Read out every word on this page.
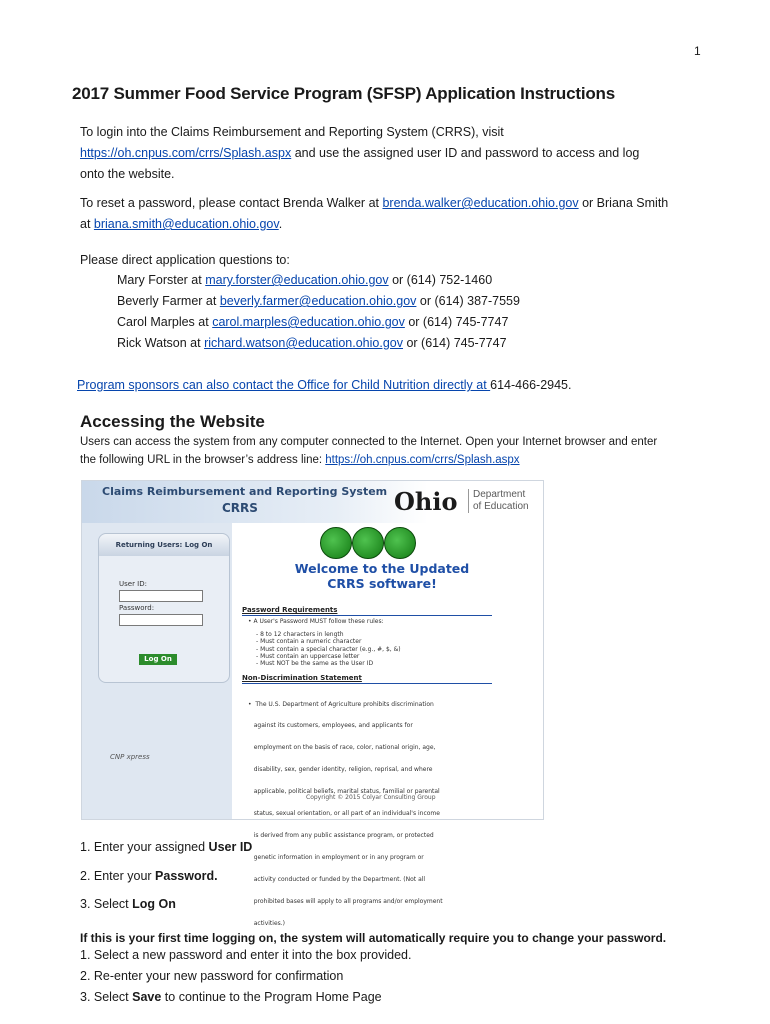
1
2017 Summer Food Service Program (SFSP) Application Instructions
To login into the Claims Reimbursement and Reporting System (CRRS), visit
https://oh.cnpus.com/crrs/Splash.aspx and use the assigned user ID and password to access and log
onto the website.
To reset a password, please contact Brenda Walker at brenda.walker@education.ohio.gov or Briana Smith
at briana.smith@education.ohio.gov.
Please direct application questions to:
Mary Forster at mary.forster@education.ohio.gov or (614) 752-1460
Beverly Farmer at beverly.farmer@education.ohio.gov or (614) 387-7559
Carol Marples at carol.marples@education.ohio.gov or (614) 745-7747
Rick Watson at richard.watson@education.ohio.gov or (614) 745-7747
Program sponsors can also contact the Office for Child Nutrition directly at 614-466-2945.
Accessing the Website
Users can access the system from any computer connected to the Internet. Open your Internet browser and enter
the following URL in the browser’s address line: https://oh.cnpus.com/crrs/Splash.aspx
Claims Reimbursement and Reporting System
CRRS	Ohio Department
of Education
Returning Users: Log On
User ID:
Password:
Log On
Welcome to the Updated
CRRS software!
Password Requirements
• A User's Password MUST follow these rules:
- 8 to 12 characters in length
- Must contain a numeric character
- Must contain a special character (e.g., #, $, &)
- Must contain an uppercase letter
- Must NOT be the same as the User ID
Non-Discrimination Statement

•  The U.S. Department of Agriculture prohibits discrimination

against its customers, employees, and applicants for

employment on the basis of race, color, national origin, age,

disability, sex, gender identity, religion, reprisal, and where

applicable, political beliefs, marital status, familial or parental

status, sexual orientation, or all part of an individual's income

is derived from any public assistance program, or protected

genetic information in employment or in any program or

activity conducted or funded by the Department. (Not all

prohibited bases will apply to all programs and/or employment

activities.)

CNP xpress
Copyright © 2015 Colyar Consulting Group
1. Enter your assigned User ID
2. Enter your Password.
3. Select Log On
If this is your first time logging on, the system will automatically require you to change your password.
1. Select a new password and enter it into the box provided.
2. Re-enter your new password for confirmation
3. Select Save to continue to the Program Home Page
